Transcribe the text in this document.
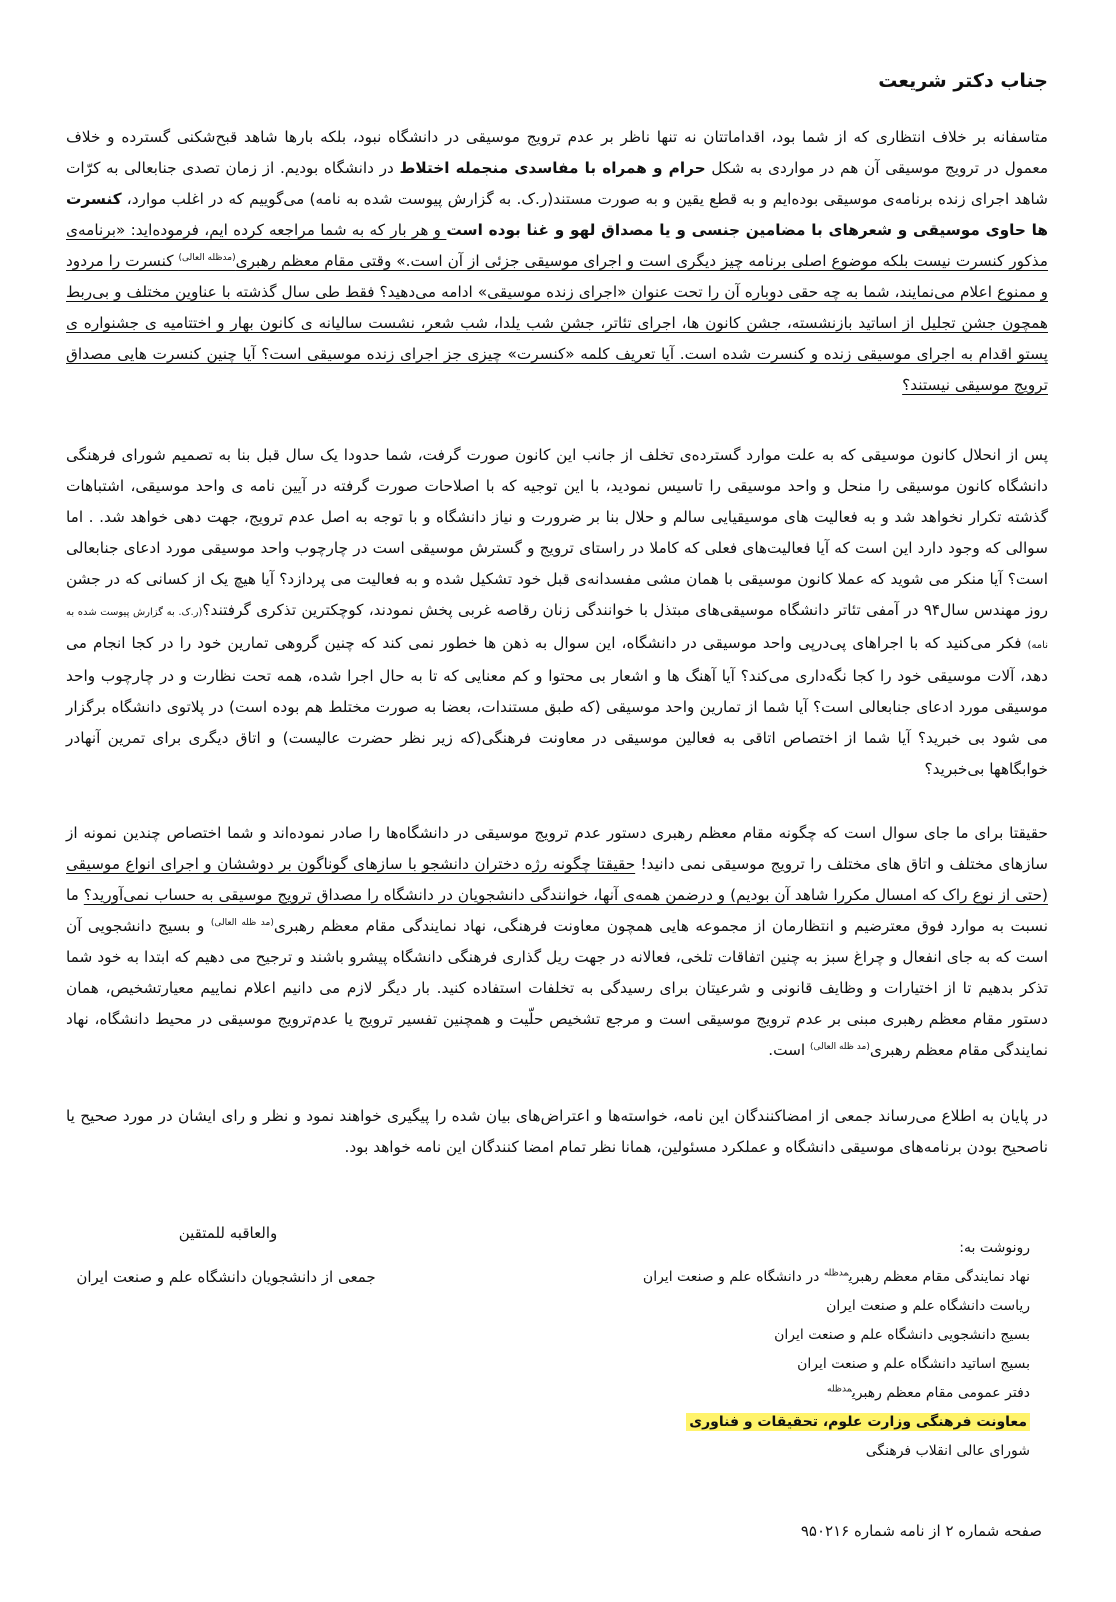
جناب دکتر شریعت

متاسفانه بر خلاف انتظاری که از شما بود، اقداماتتان نه تنها ناظر بر عدم ترویج موسیقی در دانشگاه نبود، بلکه بارها شاهد قبح‌شکنی گسترده و خلاف معمول در ترویج موسیقی آن هم در مواردی به شکل حرام و همراه با مفاسدی منجمله اختلاط در دانشگاه بودیم. از زمان تصدی جنابعالی به کرّات شاهد اجرای زنده برنامه‌ی موسیقی بوده‌ایم و به قطع یقین و به صورت مستند(ر.ک. به گزارش پیوست شده به نامه) می‌گوییم که در اغلب موارد، کنسرت ها حاوی موسیقی و شعرهای با مضامین جنسی و یا مصداق لهو و غنا بوده است و هر بار که به شما مراجعه کرده ایم، فرموده‌اید: «برنامه‌ی مذکور کنسرت نیست بلکه موضوع اصلی برنامه چیز دیگری است و اجرای موسیقی جزئی از آن است.» وقتی مقام معظم رهبری$^{(مدظله العالی)}$ کنسرت را مردود و ممنوع اعلام می‌نمایند، شما به چه حقی دوباره آن را تحت عنوان «اجرای زنده موسیقی» ادامه می‌دهید؟ فقط طی سال گذشته با عناوین مختلف و بی‌ربط همچون جشن تجلیل از اساتید بازنشسته، جشن کانون ها، اجرای تئاتر، جشن شب یلدا، شب شعر، نشست سالیانه ی کانون بهار و اختتامیه ی جشنواره ی پستو اقدام به اجرای موسیقی زنده و کنسرت شده است. آیا تعریف کلمه «کنسرت» چیزی جز اجرای زنده موسیقی است؟ آیا چنین کنسرت هایی مصداق ترویج موسیقی نیستند؟

پس از انحلال کانون موسیقی که به علت موارد گسترده‌ی تخلف از جانب این کانون صورت گرفت، شما حدودا یک سال قبل بنا به تصمیم شورای فرهنگی دانشگاه کانون موسیقی را منحل و واحد موسیقی را تاسیس نمودید، با این توجیه که با اصلاحات صورت گرفته در آیین نامه ی واحد موسیقی، اشتباهات گذشته تکرار نخواهد شد و به فعالیت های موسیقیایی سالم و حلال بنا بر ضرورت و نیاز دانشگاه و با توجه به اصل عدم ترویج، جهت دهی خواهد شد. . اما سوالی که وجود دارد این است که آیا فعالیت‌های فعلی که کاملا در راستای ترویج و گسترش موسیقی است در چارچوب واحد موسیقی مورد ادعای جنابعالی است؟ آیا منکر می شوید که عملا کانون موسیقی با همان مشی مفسدانه‌ی قبل خود تشکیل شده و به فعالیت می پردازد؟ آیا هیچ یک از کسانی که در جشن روز مهندس سال۹۴ در آمفی تئاتر دانشگاه موسیقی‌های مبتذل با خوانندگی زنان رقاصه غربی پخش نمودند، کوچکترین تذکری گرفتند؟(ر.ک. به گزارش پیوست شده به نامه) فکر می‌کنید که با اجراهای پی‌درپی واحد موسیقی در دانشگاه، این سوال به ذهن ها خطور نمی کند که چنین گروهی تمارین خود را در کجا انجام می دهد، آلات موسیقی خود را کجا نگه‌داری می‌کند؟ آیا آهنگ ها و اشعار بی محتوا و کم معنایی که تا به حال اجرا شده، همه تحت نظارت و در چارچوب واحد موسیقی مورد ادعای جنابعالی است؟ آیا شما از تمارین واحد موسیقی (که طبق مستندات، بعضا به صورت مختلط هم بوده است) در پلاتوی دانشگاه برگزار می شود بی خبرید؟ آیا شما از اختصاص اتاقی به فعالین موسیقی در معاونت فرهنگی(که زیر نظر حضرت عالیست) و اتاق دیگری برای تمرین آنهادر خوابگاهها بی‌خبرید؟

حقیقتا برای ما جای سوال است که چگونه مقام معظم رهبری دستور عدم ترویج موسیقی در دانشگاه‌ها را صادر نموده‌اند و شما اختصاص چندین نمونه از سازهای مختلف و اتاق های مختلف را ترویج موسیقی نمی دانید! حقیقتا چگونه رژه دختران دانشجو با سازهای گوناگون بر دوششان و اجرای انواع موسیقی (حتی از نوع راک که امسال مکررا شاهد آن بودیم) و درضمن همه‌ی آنها، خوانندگی دانشجویان در دانشگاه را مصداق ترویج موسیقی به حساب نمی‌آورید؟ ما نسبت به موارد فوق معترضیم و انتظارمان از مجموعه هایی همچون معاونت فرهنگی، نهاد نمایندگی مقام معظم رهبری$^{(مد ظله العالی)}$ و بسیج دانشجویی آن است که به جای انفعال و چراغ سبز به چنین اتفاقات تلخی، فعالانه در جهت ریل گذاری فرهنگی دانشگاه پیشرو باشند و ترجیح می دهیم که ابتدا به خود شما تذکر بدهیم تا از اختیارات و وظایف قانونی و شرعیتان برای رسیدگی به تخلفات استفاده کنید. بار دیگر لازم می دانیم اعلام نماییم معیارتشخیص، همان دستور مقام معظم رهبری مبنی بر عدم ترویج موسیقی است و مرجع تشخیص حلّیت و همچنین تفسیر ترویج یا عدم‌ترویج موسیقی در محیط دانشگاه، نهاد نمایندگی مقام معظم رهبری$^{(مد ظله العالی)}$ است.

در پایان به اطلاع می‌رساند جمعی از امضاکنندگان این نامه، خواسته‌ها و اعتراض‌های بیان شده را پیگیری خواهند نمود و نظر و رای ایشان در مورد صحیح یا ناصحیح بودن برنامه‌های موسیقی دانشگاه و عملکرد مسئولین، همانا نظر تمام امضا کنندگان این نامه خواهد بود.

والعاقبه للمتقین
جمعی از دانشجویان دانشگاه علم و صنعت ایران
رونوشت به:
نهاد نمایندگی مقام معظم رهبری$^{مدظله}$ در دانشگاه علم و صنعت ایران
ریاست دانشگاه علم و صنعت ایران
بسیج دانشجویی دانشگاه علم و صنعت ایران
بسیج اساتید دانشگاه علم و صنعت ایران
دفتر عمومی مقام معظم رهبری$^{مدظله}$
معاونت فرهنگی وزارت علوم، تحقیقات و فناوری
شورای عالی انقلاب فرهنگی
صفحه شماره ۲ از نامه شماره ۹۵۰۲۱۶
